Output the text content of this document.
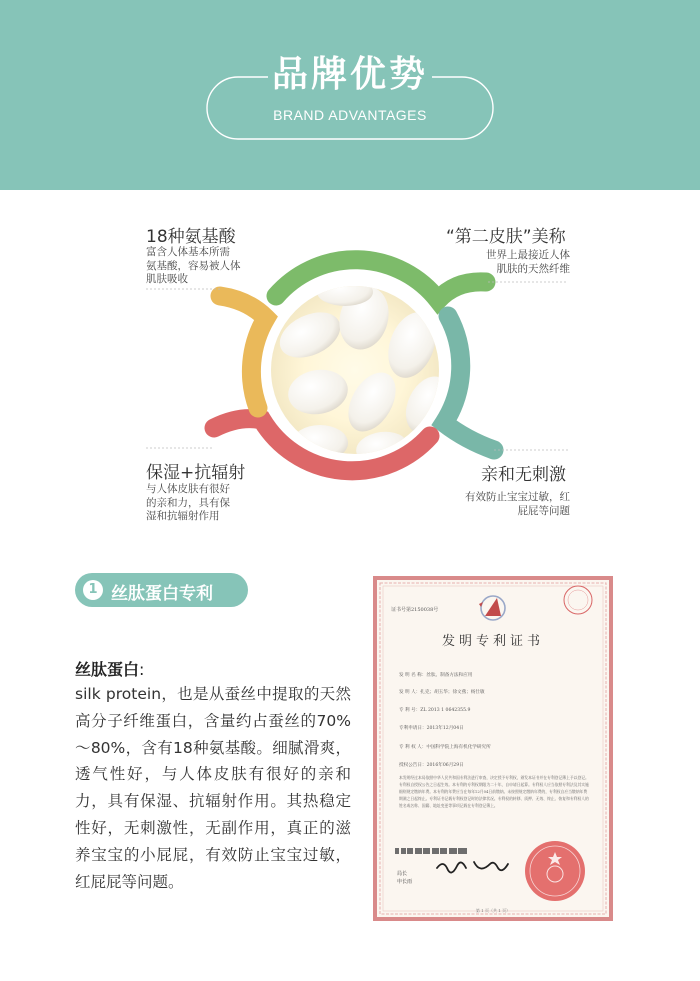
品牌优势
BRAND ADVANTAGES
18种氨基酸
富含人体基本所需
氨基酸，容易被人体
肌肤吸收
“第二皮肤”美称
世界上最接近人体
肌肤的天然纤维
保湿+抗辐射
与人体皮肤有很好
的亲和力，具有保
湿和抗辐射作用
亲和无刺激
有效防止宝宝过敏，红
屁屁等问题
1 丝肽蛋白专利
丝肽蛋白:
silk protein，也是从蚕丝中提取的天然高分子纤维蛋白，含量约占蚕丝的70%～80%，含有18种氨基酸。细腻滑爽，透气性好，与人体皮肤有很好的亲和力，具有保湿、抗辐射作用。其热稳定性好，无刺激性，无副作用，真正的滋养宝宝的小屁屁，有效防止宝宝过敏，红屁屁等问题。
证书号第2150038号
发明专利证书
发 明 名 称：丝肽、制备方法和应用
发 明 人：扎克；胡玉华；徐文燕；杨仕敏
专 利 号：ZL 2013 1 0642355.9
专利申请日：2013年12月04日
专 利 权 人：中国科学院上海有机化学研究所
授权公告日：2016年06月29日
本发明经过本局依照中华人民共和国专利法进行审查，决定授予专利权，颁发本证书并在专利登记簿上予以登记。专利权自授权公告之日起生效。本专利的专利权期限为二十年，自申请日起算。专利权人应当依照专利法及其实施细则规定缴纳年费。本专利的年费应当在每年12月04日前缴纳。未按照规定缴纳年费的，专利权自应当缴纳年费期满之日起终止。专利证书记载专利权登记时的法律状况。专利权的转移、质押、无效、终止、恢复和专利权人的姓名或名称、国籍、地址变更等事项记载在专利登记簿上。
局长
申长雨
第 1 页（共 1 页）
